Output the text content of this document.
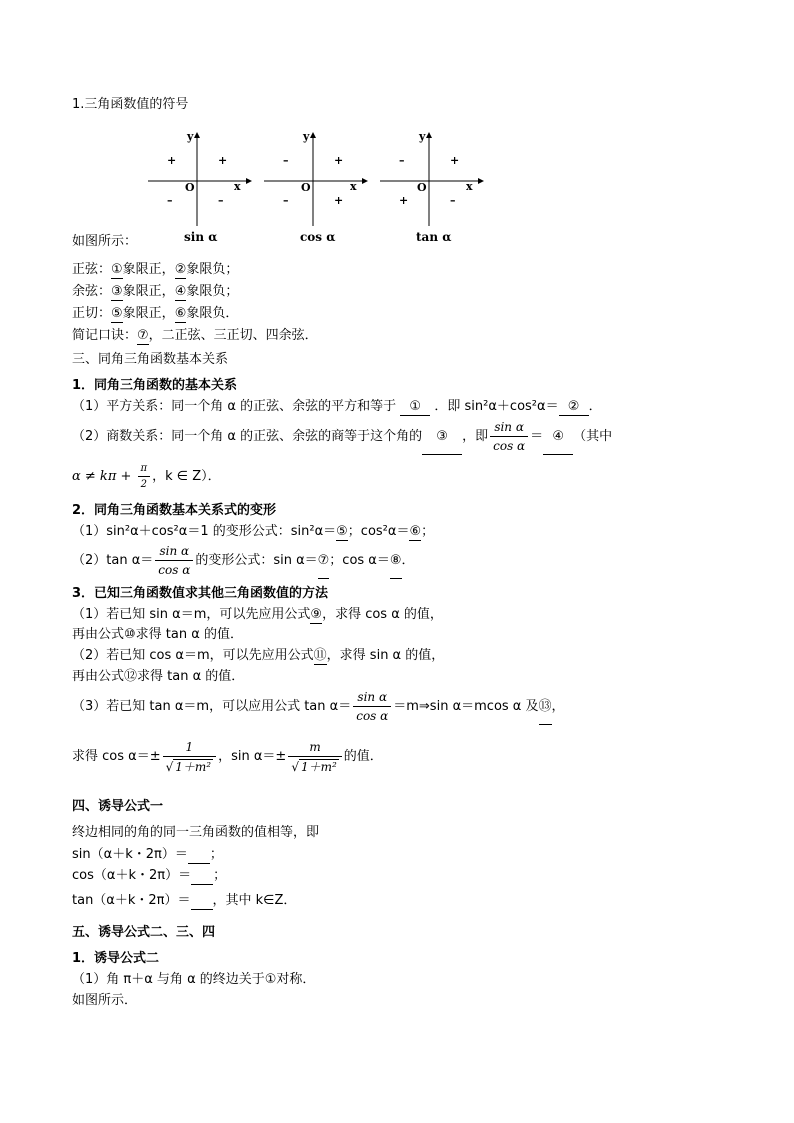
1.三角函数值的符号
y
x
O
+	+
–	–
sin α
y
x
O
–	+
–	+
cos α
y
x
O
–	+
+	–
tan α
如图所示：
正弦：①象限正，②象限负；
余弦：③象限正，④象限负；
正切：⑤象限正，⑥象限负．
简记口诀：⑦，二正弦、三正切、四余弦．
三、同角三角函数基本关系
1．同角三角函数的基本关系
（1）平方关系：同一个角 α 的正弦、余弦的平方和等于 ① ．即 sin²α＋cos²α＝ ② ．
（2）商数关系：同一个角 α 的正弦、余弦的商等于这个角的 ③ ，即 $\frac{\text{sin α}}{\text{cos α}}$ ＝ ④ （其中
$\alpha \ne k\pi + \frac{\pi}{2}$ ，k ∈ Z）．
2．同角三角函数基本关系式的变形
（1）sin²α＋cos²α＝1 的变形公式：sin²α＝⑤；cos²α＝⑥；
（2）tan $\alpha= \frac{\text{sin α}}{\text{cos α}}$ 的变形公式：sin α＝⑦；cos α＝⑧．
3．已知三角函数值求其他三角函数值的方法
（1）若已知 sin α＝m，可以先应用公式⑨，求得 cos α 的值，
再由公式⑩求得 tan α 的值．
（2）若已知 cos α＝m，可以先应用公式⑪，求得 sin α 的值，
再由公式⑫求得 tan α 的值．
（3）若已知 tan α＝m，可以应用公式 $\tan \alpha= \frac{\text{sin α}}{\text{cos α}}$ ＝m⇒sin α＝mcos α 及⑬，
求得 $\cos \alpha=\pm \frac{1}{\text{√ 1＋m²}}$ ，$\sin \alpha=\pm \frac{m}{\text{√ 1＋m²}}$ 的值．
四、诱导公式一
终边相同的角的同一三角函数的值相等，即
sin（α＋k・2π）＝ ；
cos（α＋k・2π）＝ ；
tan（α＋k・2π）＝ ，其中 k∈Z．
五、诱导公式二、三、四
1．诱导公式二
（1）角 π＋α 与角 α 的终边关于①对称．
如图所示．
